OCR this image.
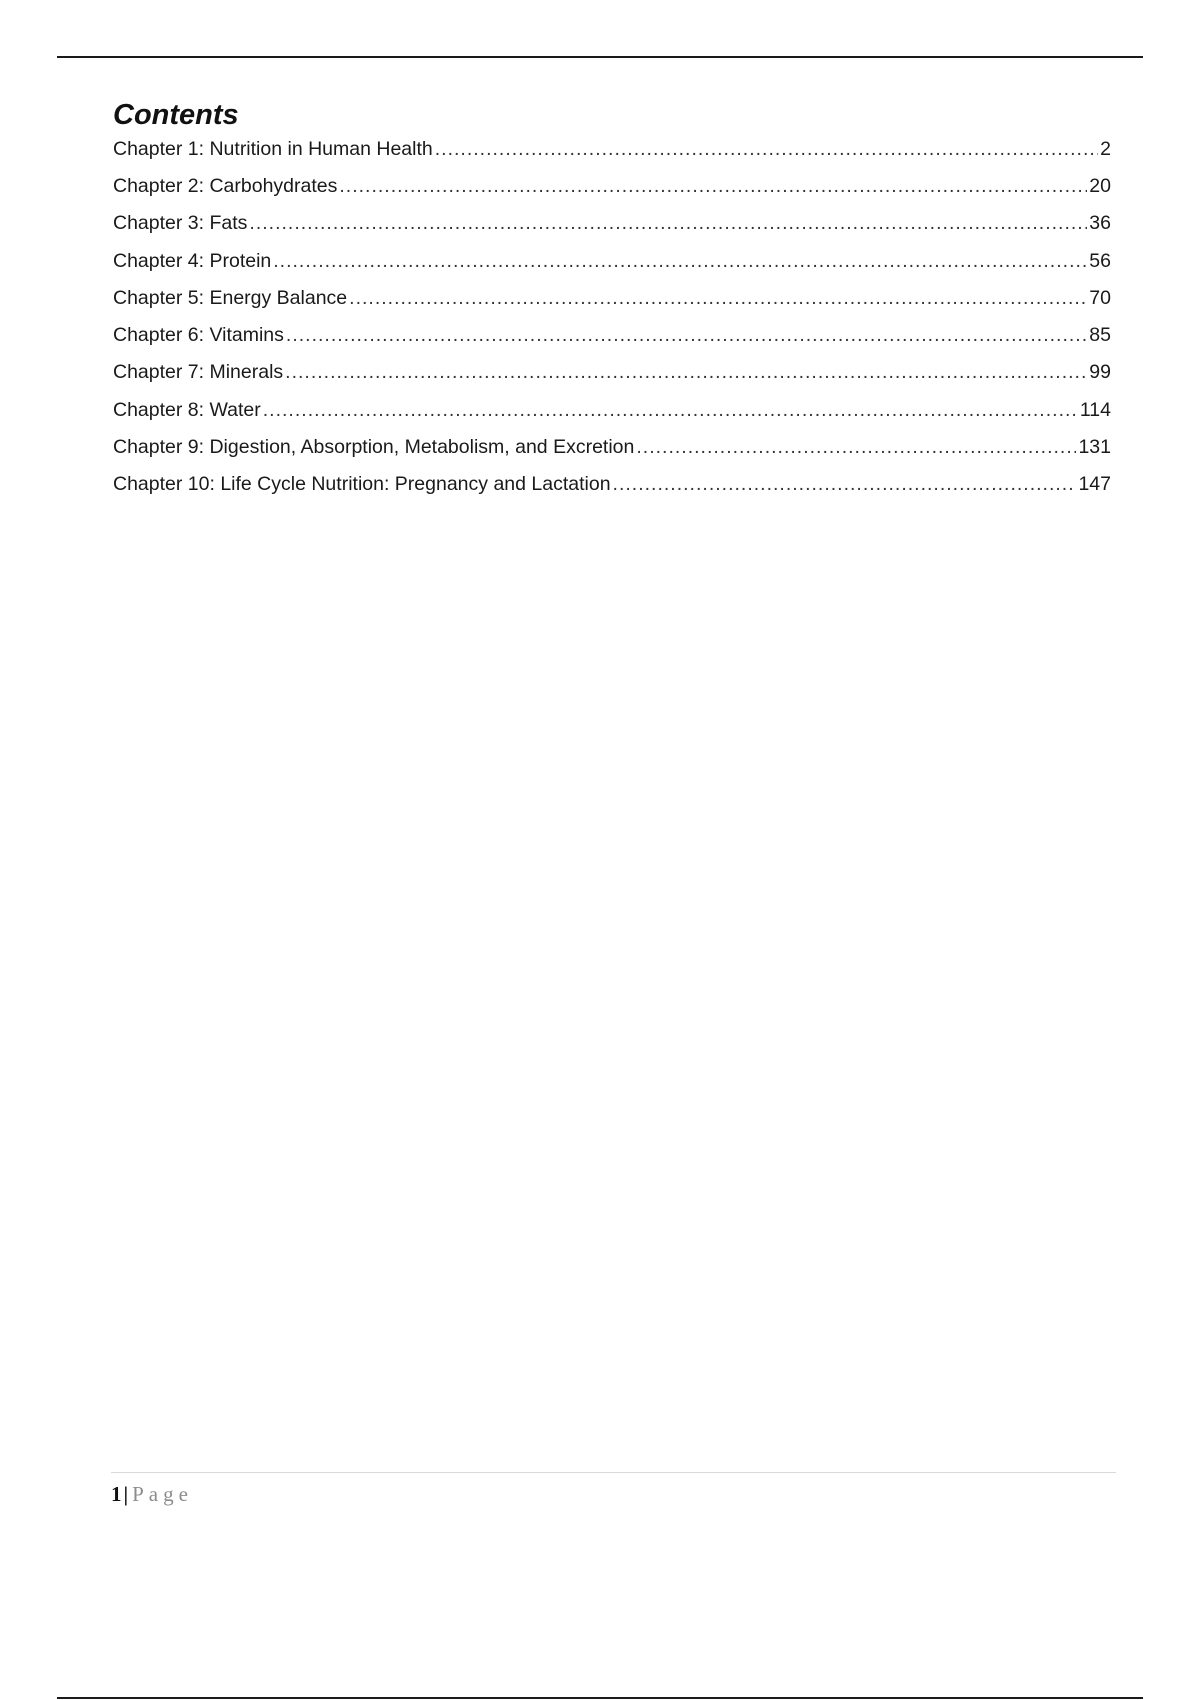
Contents
Chapter 1: Nutrition in Human Health .....	2
Chapter 2: Carbohydrates .....	20
Chapter 3: Fats .....	36
Chapter 4: Protein .....	56
Chapter 5: Energy Balance .....	70
Chapter 6: Vitamins .....	85
Chapter 7: Minerals .....	99
Chapter 8: Water .....	114
Chapter 9: Digestion, Absorption, Metabolism, and Excretion .....	131
Chapter 10: Life Cycle Nutrition: Pregnancy and Lactation .....	147
1| Page
